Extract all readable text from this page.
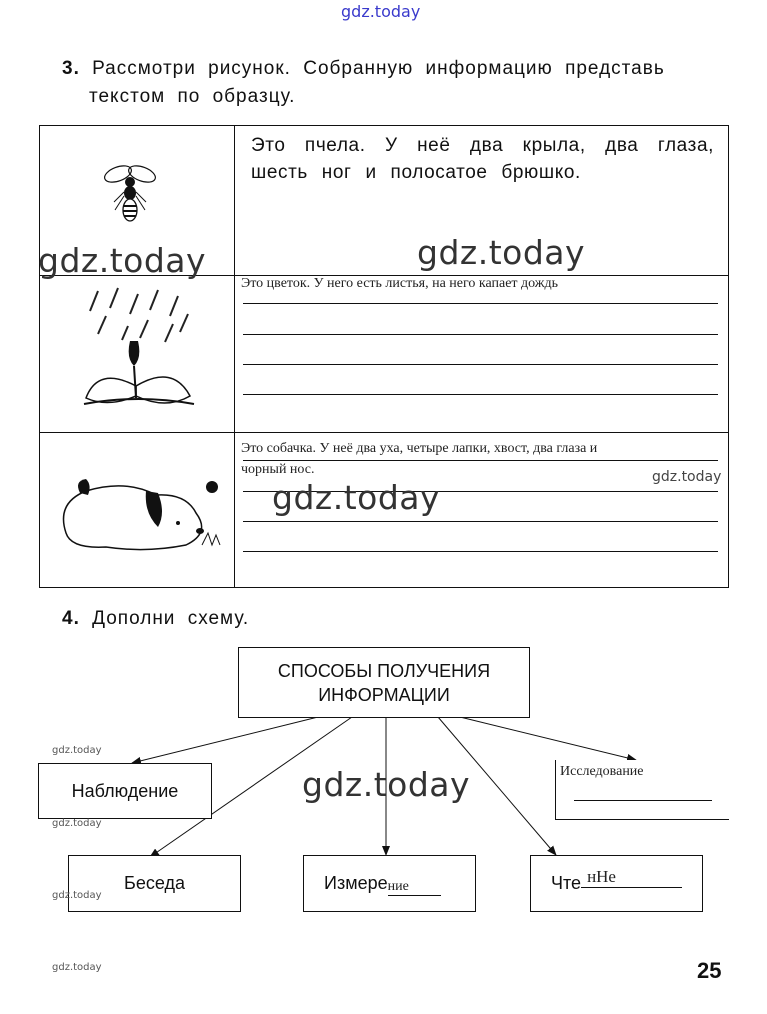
gdz.today
3. Рассмотри рисунок. Собранную информацию представь
текстом по образцу.

Это пчела. У неё два крыла, два глаза, шесть ног и полосатое брюшко.

Это цветок. У него есть листья, на него капает дождь

Это собачка. У неё два уха, четыре лапки, хвост, два глаза и
чорный нос.
gdz.today	gdz.today
gdz.today
gdz.today
4. Дополни схему.
СПОСОБЫ ПОЛУЧЕНИЯ
ИНФОРМАЦИИ
Наблюдение
Исследование
Беседа	Измере ние	Чте нНе
gdz.today
gdz.today
gdz.today
gdz.today
gdz.today	25
